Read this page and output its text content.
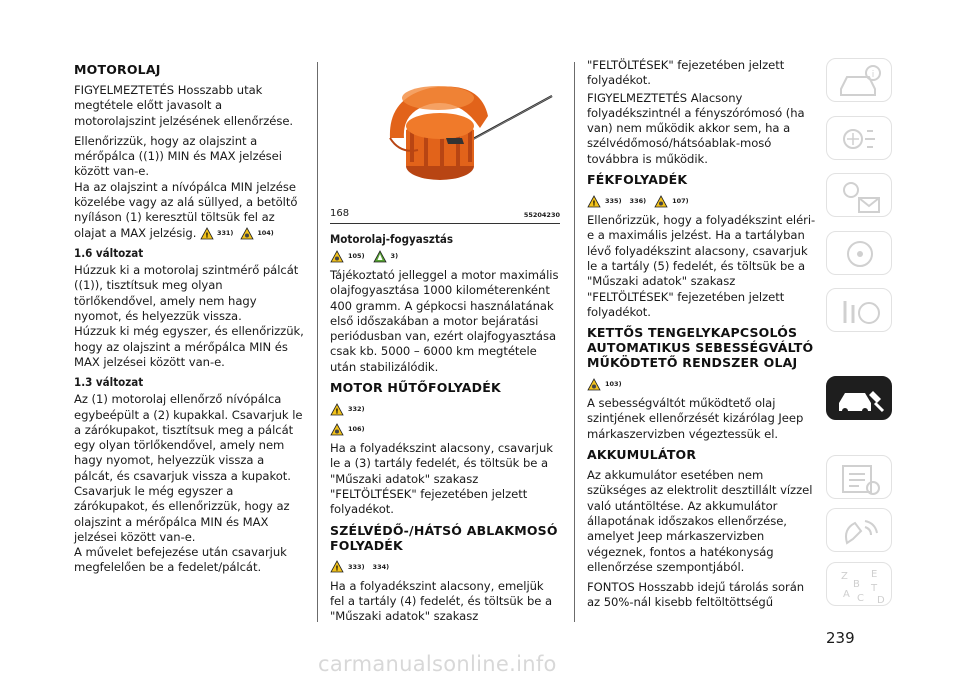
MOTOROLAJ

FIGYELMEZTETÉS Hosszabb utak megtétele előtt javasolt a motorolajszint jelzésének ellenőrzése.

Ellenőrizzük, hogy az olajszint a mérőpálca ((1)) MIN és MAX jelzései között van-e.

Ha az olajszint a nívópálca MIN jelzése közelébe vagy az alá süllyed, a betöltő nyíláson (1) keresztül töltsük fel az olajat a MAX jelzésig. ! 331)	104)

1.6 változat

Húzzuk ki a motorolaj szintmérő pálcát ((1)), tisztítsuk meg olyan törlőkendővel, amely nem hagy nyomot, és helyezzük vissza.

Húzzuk ki még egyszer, és ellenőrizzük, hogy az olajszint a mérőpálca MIN és MAX jelzései között van-e.

1.3 változat

Az (1) motorolaj ellenőrző nívópálca egybeépült a (2) kupakkal. Csavarjuk le a zárókupakot, tisztítsuk meg a pálcát egy olyan törlőkendővel, amely nem hagy nyomot, helyezzük vissza a pálcát, és csavarjuk vissza a kupakot.

Csavarjuk le még egyszer a zárókupakot, és ellenőrizzük, hogy az olajszint a mérőpálca MIN és MAX jelzései között van-e.

A művelet befejezése után csavarjuk megfelelően be a fedelet/pálcát.

168	55204230
Motorolaj-fogyasztás
105)	3)

Tájékoztató jelleggel a motor maximális olajfogyasztása 1000 kilométerenként 400 gramm. A gépkocsi használatának első időszakában a motor bejáratási periódusban van, ezért olajfogyasztása csak kb. 5000 – 6000 km megtétele után stabilizálódik.

MOTOR HŰTŐFOLYADÉK
! 332)
106)

Ha a folyadékszint alacsony, csavarjuk le a (3) tartály fedelét, és töltsük be a "Műszaki adatok" szakasz "FELTÖLTÉSEK" fejezetében jelzett folyadékot.

SZÉLVÉDŐ-/HÁTSÓ ABLAKMOSÓ FOLYADÉK
! 333) 334)

Ha a folyadékszint alacsony, emeljük fel a tartály (4) fedelét, és töltsük be a "Műszaki adatok" szakasz

"FELTÖLTÉSEK" fejezetében jelzett folyadékot.

FIGYELMEZTETÉS Alacsony folyadékszintnél a fényszórómosó (ha van) nem működik akkor sem, ha a szélvédőmosó/hátsóablak-mosó továbbra is működik.

FÉKFOLYADÉK
! 335) 336)	107)

Ellenőrizzük, hogy a folyadékszint eléri-e a maximális jelzést. Ha a tartályban lévő folyadékszint alacsony, csavarjuk le a tartály (5) fedelét, és töltsük be a "Műszaki adatok" szakasz "FELTÖLTÉSEK" fejezetében jelzett folyadékot.

KETTŐS TENGELYKAPCSOLÓS AUTOMATIKUS SEBESSÉGVÁLTÓ MŰKÖDTETŐ RENDSZER OLAJ
103)

A sebességváltót működtető olaj szintjének ellenőrzését kizárólag Jeep márkaszervizben végeztessük el.

AKKUMULÁTOR

Az akkumulátor esetében nem szükséges az elektrolit desztillált vízzel való utántöltése. Az akkumulátor állapotának időszakos ellenőrzése, amelyet Jeep márkaszervizben végeznek, fontos a hatékonyság ellenőrzése szempontjából.

FONTOS Hosszabb idejű tárolás során az 50%-nál kisebb feltöltöttségű

i
Z
B
E
A C
T
D
239
carmanualsonline.info
